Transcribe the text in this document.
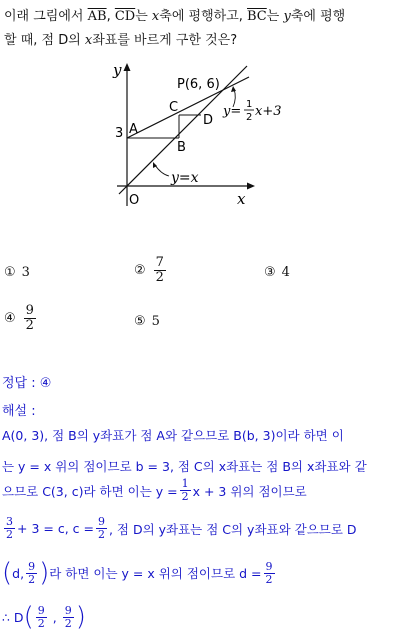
이래 그림에서 $\overline{AB}$, $\overline{CD}$는 x축에 평행하고, $\overline{BC}$는 y축에 평행
할 때, 점 D의 x좌표를 바르게 구한 것은?
y
x
O
3 A
B
C
D
P(6, 6)
y= 1
2 x+3
y=x
① 3	② $\frac{7}{2}$	③ 4
④ $\frac{9}{2}$	⑤ 5
정답 : ④
해설 :
A(0, 3), 점 B의 y좌표가 점 A와 같으므로 B(b, 3)이라 하면 이
는 y = x 위의 점이므로 b = 3, 점 C의 x좌표는 점 B의 x좌표와 같
으므로 C(3, c)라 하면 이는 $y = \frac{1}{2}$ x + 3 위의 점이므로
$\frac{3}{2} + 3 = c$, $c = \frac{9}{2}$ , 점 D의 y좌표는 점 C의 y좌표와 같으므로 D
( d, $\frac{9}{2}$ ) 라 하면 이는 y = x 위의 점이므로 $d = \frac{9}{2}$
∴ D ( $\frac{9}{2}$ , $\frac{9}{2}$ )
